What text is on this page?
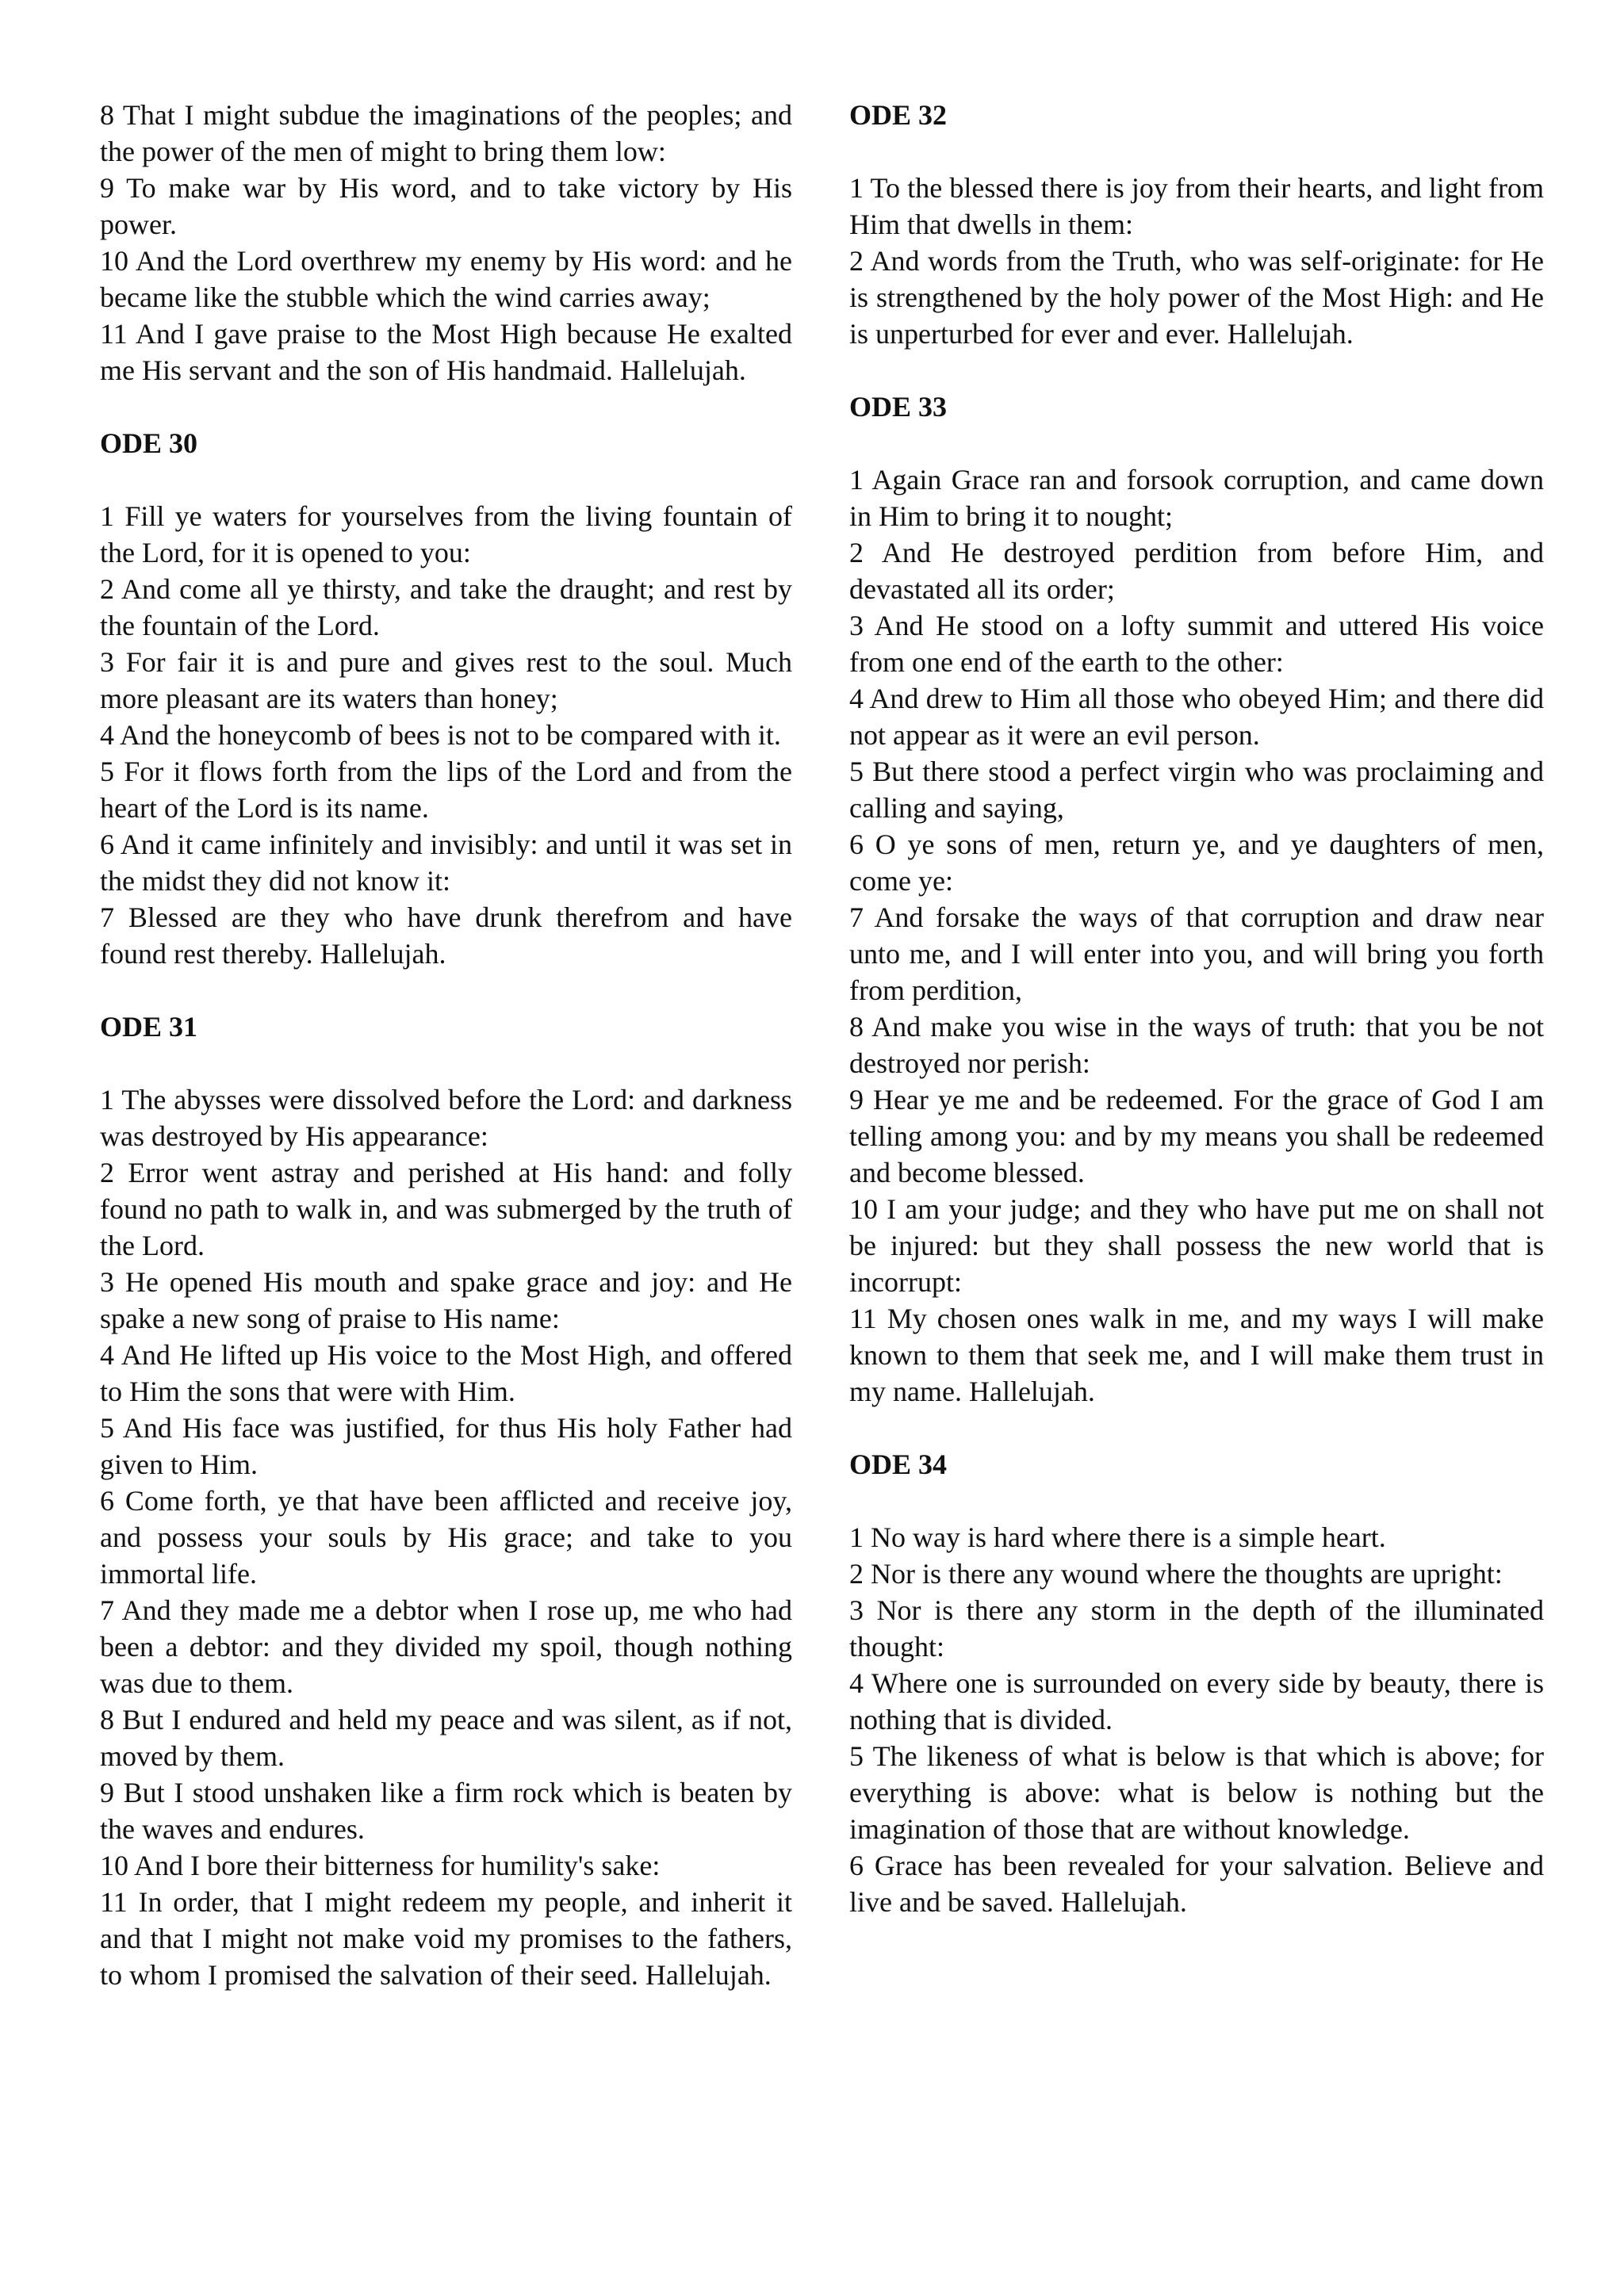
8 That I might subdue the imaginations of the peoples; and the power of the men of might to bring them low:

9 To make war by His word, and to take victory by His power.

10 And the Lord overthrew my enemy by His word: and he became like the stubble which the wind carries away;

11 And I gave praise to the Most High because He exalted me His servant and the son of His handmaid. Hallelujah.

ODE 30

1 Fill ye waters for yourselves from the living fountain of the Lord, for it is opened to you:

2 And come all ye thirsty, and take the draught; and rest by the fountain of the Lord.

3 For fair it is and pure and gives rest to the soul. Much more pleasant are its waters than honey;

4 And the honeycomb of bees is not to be compared with it.

5 For it flows forth from the lips of the Lord and from the heart of the Lord is its name.

6 And it came infinitely and invisibly: and until it was set in the midst they did not know it:

7 Blessed are they who have drunk therefrom and have found rest thereby. Hallelujah.

ODE 31

1 The abysses were dissolved before the Lord: and darkness was destroyed by His appearance:

2 Error went astray and perished at His hand: and folly found no path to walk in, and was submerged by the truth of the Lord.

3 He opened His mouth and spake grace and joy: and He spake a new song of praise to His name:

4 And He lifted up His voice to the Most High, and offered to Him the sons that were with Him.

5 And His face was justified, for thus His holy Father had given to Him.

6 Come forth, ye that have been afflicted and receive joy, and possess your souls by His grace; and take to you immortal life.

7 And they made me a debtor when I rose up, me who had been a debtor: and they divided my spoil, though nothing was due to them.

8 But I endured and held my peace and was silent, as if not, moved by them.

9 But I stood unshaken like a firm rock which is beaten by the waves and endures.

10 And I bore their bitterness for humility's sake:

11 In order, that I might redeem my people, and inherit it and that I might not make void my promises to the fathers, to whom I promised the salvation of their seed. Hallelujah.

ODE 32

1 To the blessed there is joy from their hearts, and light from Him that dwells in them:

2 And words from the Truth, who was self-originate: for He is strengthened by the holy power of the Most High: and He is unperturbed for ever and ever. Hallelujah.

ODE 33

1 Again Grace ran and forsook corruption, and came down in Him to bring it to nought;

2 And He destroyed perdition from before Him, and devastated all its order;

3 And He stood on a lofty summit and uttered His voice from one end of the earth to the other:

4 And drew to Him all those who obeyed Him; and there did not appear as it were an evil person.

5 But there stood a perfect virgin who was proclaiming and calling and saying,

6 O ye sons of men, return ye, and ye daughters of men, come ye:

7 And forsake the ways of that corruption and draw near unto me, and I will enter into you, and will bring you forth from perdition,

8 And make you wise in the ways of truth: that you be not destroyed nor perish:

9 Hear ye me and be redeemed. For the grace of God I am telling among you: and by my means you shall be redeemed and become blessed.

10 I am your judge; and they who have put me on shall not be injured: but they shall possess the new world that is incorrupt:

11 My chosen ones walk in me, and my ways I will make known to them that seek me, and I will make them trust in my name. Hallelujah.

ODE 34

1 No way is hard where there is a simple heart.

2 Nor is there any wound where the thoughts are upright:

3 Nor is there any storm in the depth of the illuminated thought:

4 Where one is surrounded on every side by beauty, there is nothing that is divided.

5 The likeness of what is below is that which is above; for everything is above: what is below is nothing but the imagination of those that are without knowledge.

6 Grace has been revealed for your salvation. Believe and live and be saved. Hallelujah.
